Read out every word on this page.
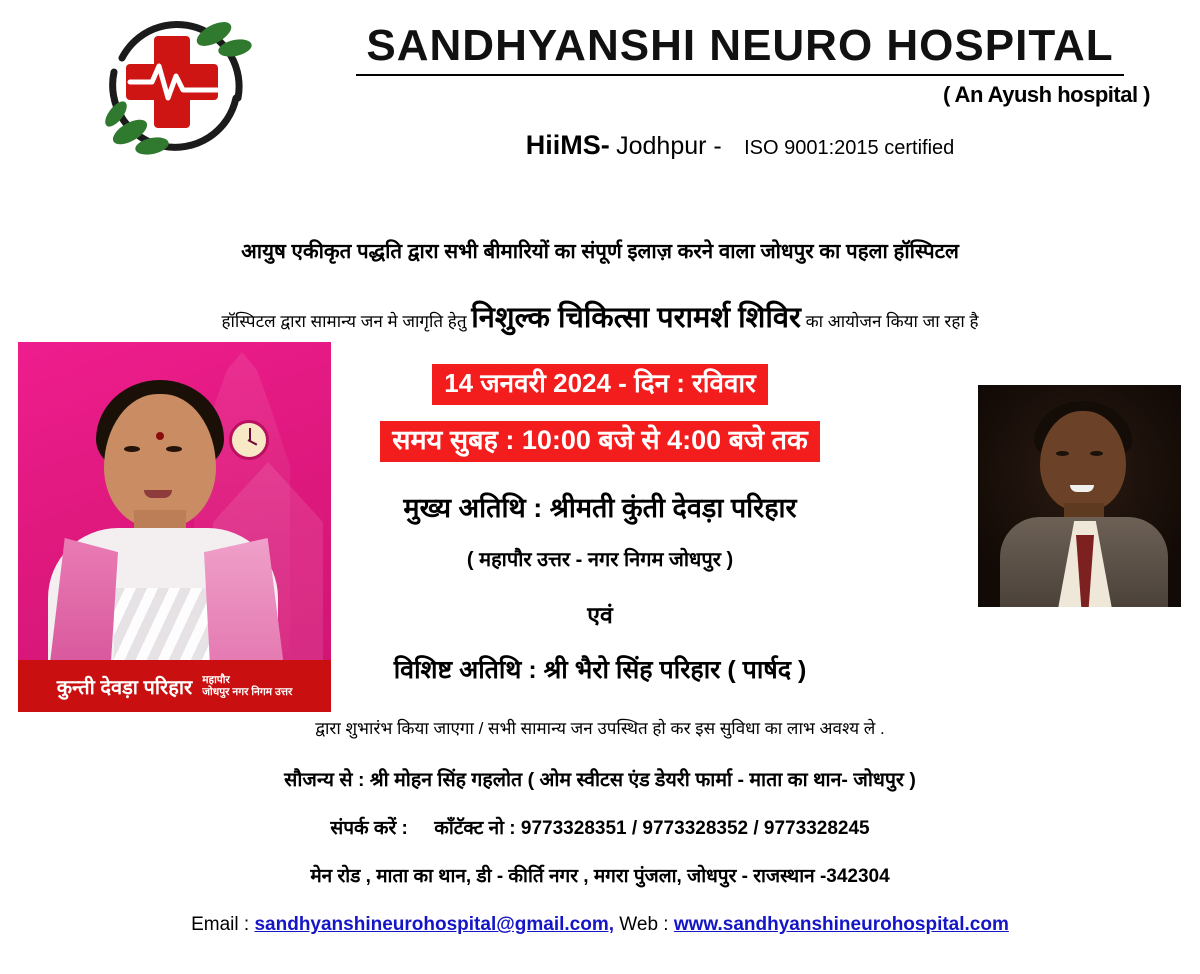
SANDHYANSHI NEURO HOSPITAL
( An Ayush hospital )
HiiMS- Jodhpur - ISO 9001:2015 certified
आयुष एकीकृत पद्धति द्वारा सभी बीमारियों का संपूर्ण इलाज़ करने वाला जोधपुर का पहला हॉस्पिटल
हॉस्पिटल द्वारा सामान्य जन मे जागृति हेतु निशुल्क चिकित्सा परामर्श शिविर का आयोजन किया जा रहा है
14 जनवरी 2024 - दिन : रविवार
समय सुबह : 10:00 बजे से 4:00 बजे तक
मुख्य अतिथि : श्रीमती कुंती देवड़ा परिहार
( महापौर उत्तर - नगर निगम जोधपुर )
एवं
विशिष्ट अतिथि : श्री भैरो सिंह परिहार ( पार्षद )
द्वारा शुभारंभ किया जाएगा / सभी सामान्य जन उपस्थित हो कर इस सुविधा का लाभ अवश्य ले .
सौजन्य से : श्री मोहन सिंह गहलोत ( ओम स्वीटस एंड डेयरी फार्मा - माता का थान- जोधपुर )
संपर्क करें : काँटॅक्ट नो : 9773328351 / 9773328352 / 9773328245
मेन रोड , माता का थान, डी - कीर्ति नगर , मगरा पुंजला, जोधपुर - राजस्थान -342304
Email : sandhyanshineurohospital@gmail.com, Web : www.sandhyanshineurohospital.com
कुन्ती देवड़ा परिहार महापौर
जोधपुर नगर निगम उत्तर
